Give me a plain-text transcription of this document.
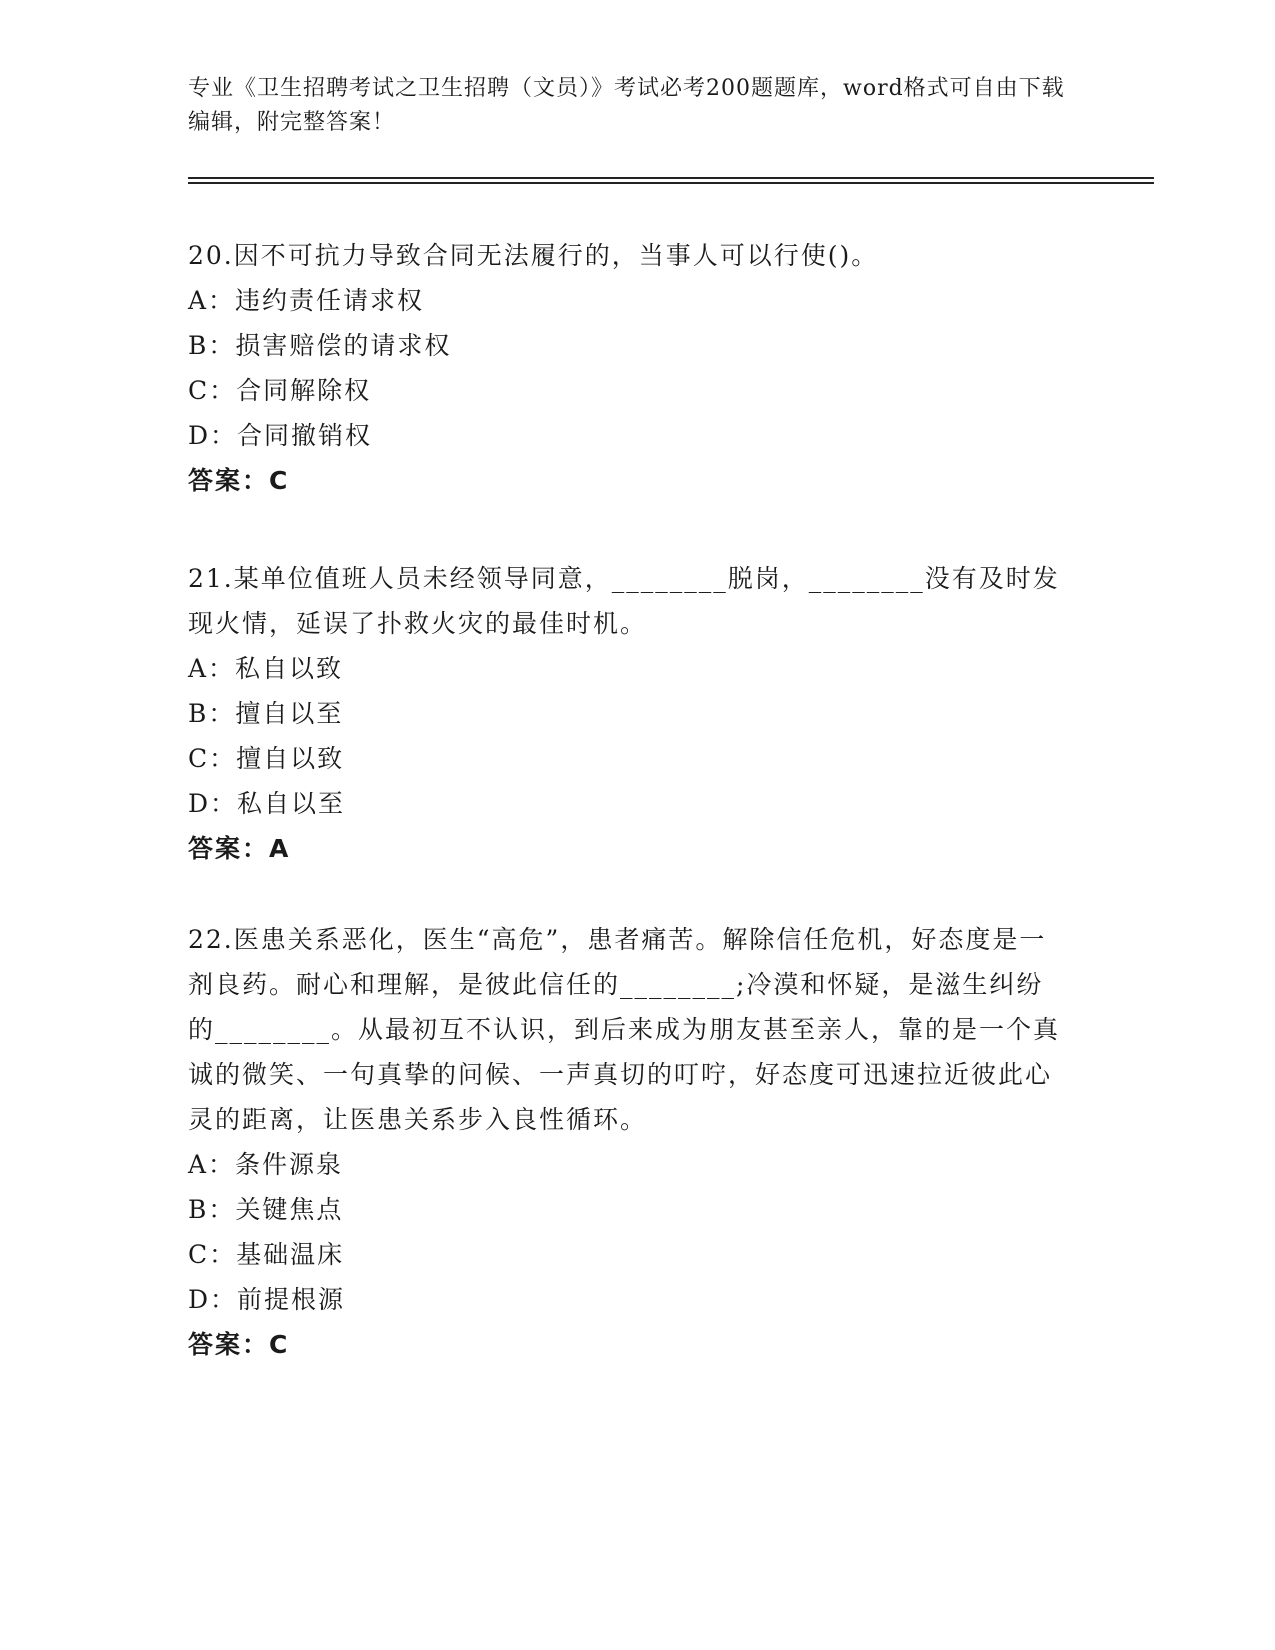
专业《卫生招聘考试之卫生招聘（文员）》考试必考200题题库，word格式可自由下载编辑，附完整答案！

20.因不可抗力导致合同无法履行的，当事人可以行使()。

A：违约责任请求权

B：损害赔偿的请求权

C：合同解除权

D：合同撤销权

答案：C

21.某单位值班人员未经领导同意，________脱岗，________没有及时发现火情，延误了扑救火灾的最佳时机。

A：私自以致

B：擅自以至

C：擅自以致

D：私自以至

答案：A

22.医患关系恶化，医生“高危”，患者痛苦。解除信任危机，好态度是一剂良药。耐心和理解，是彼此信任的________;冷漠和怀疑，是滋生纠纷的________。从最初互不认识，到后来成为朋友甚至亲人，靠的是一个真诚的微笑、一句真挚的问候、一声真切的叮咛，好态度可迅速拉近彼此心灵的距离，让医患关系步入良性循环。

A：条件源泉

B：关键焦点

C：基础温床

D：前提根源

答案：C
